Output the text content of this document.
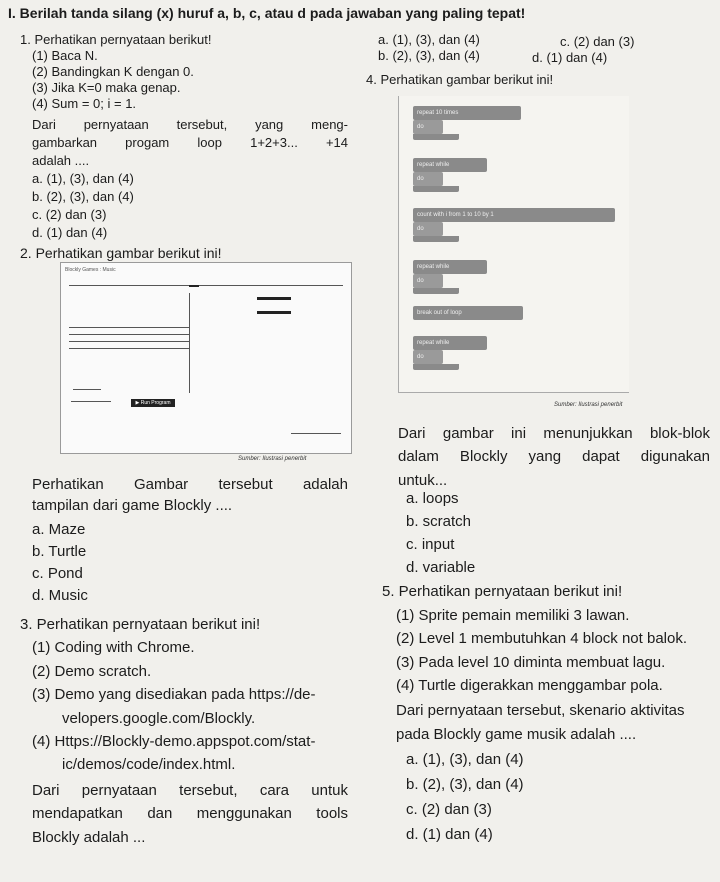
I. Berilah tanda silang (x) huruf a, b, c, atau d pada jawaban yang paling tepat!
1. Perhatikan pernyataan berikut!
(1) Baca N.
(2) Bandingkan K dengan 0.
(3) Jika K=0 maka genap.
(4) Sum = 0; i = 1.
Dari pernyataan tersebut, yang meng-
gambarkan progam loop 1+2+3... +14
adalah ....
a. (1), (3), dan (4)
b. (2), (3), dan (4)
c. (2) dan (3)
d. (1) dan (4)
2. Perhatikan gambar berikut ini!
Blockly Games : Music
▶ Run Program
Sumber: Ilustrasi penerbit
Perhatikan Gambar tersebut adalah
tampilan dari game Blockly ....
a. Maze
b. Turtle
c. Pond
d. Music
3. Perhatikan pernyataan berikut ini!
(1) Coding with Chrome.
(2) Demo scratch.
(3) Demo yang disediakan pada https://de-
velopers.google.com/Blockly.
(4) Https://Blockly-demo.appspot.com/stat-
ic/demos/code/index.html.
Dari pernyataan tersebut, cara untuk
mendapatkan dan menggunakan tools
Blockly adalah ...
a. (1), (3), dan (4)	c. (2) dan (3)
b. (2), (3), dan (4)	d. (1) dan (4)
4. Perhatikan gambar berikut ini!
repeat 10 times
do
repeat while
do
count with i from 1 to 10 by 1
do
repeat while
do
break out of loop
repeat while
do
Sumber: Ilustrasi penerbit
Dari gambar ini menunjukkan blok-blok
dalam Blockly yang dapat digunakan
untuk...
a. loops
b. scratch
c. input
d. variable
5. Perhatikan pernyataan berikut ini!
(1) Sprite pemain memiliki 3 lawan.
(2) Level 1 membutuhkan 4 block not balok.
(3) Pada level 10 diminta membuat lagu.
(4) Turtle digerakkan menggambar pola.
Dari pernyataan tersebut, skenario aktivitas
pada Blockly game musik adalah ....
a. (1), (3), dan (4)
b. (2), (3), dan (4)
c. (2) dan (3)
d. (1) dan (4)
